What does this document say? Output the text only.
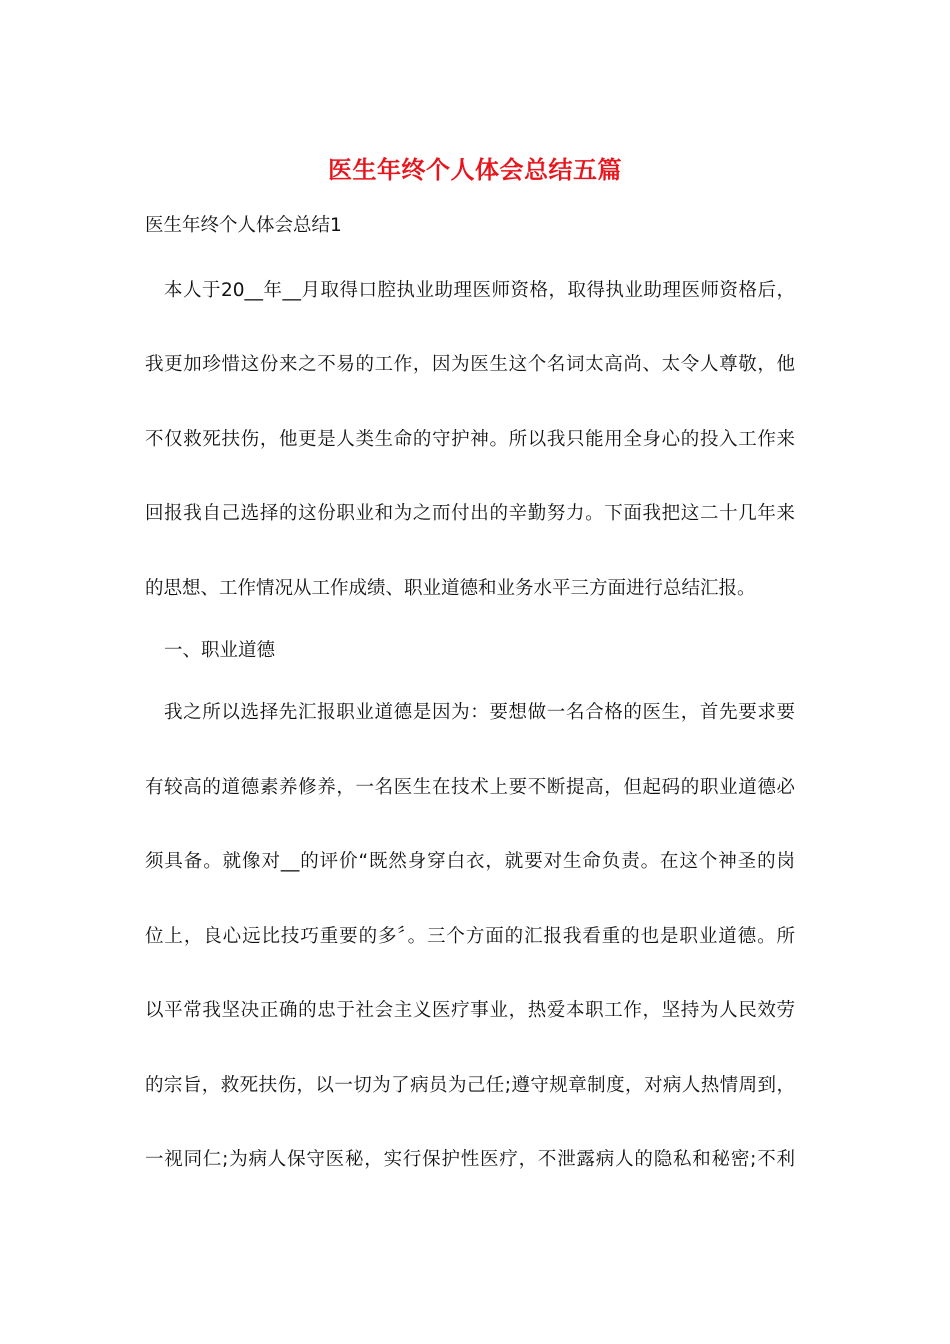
医生年终个人体会总结五篇
医生年终个人体会总结1
本人于20__年__月取得口腔执业助理医师资格，取得执业助理医师资格后，
我更加珍惜这份来之不易的工作，因为医生这个名词太高尚、太令人尊敬，他
不仅救死扶伤，他更是人类生命的守护神。所以我只能用全身心的投入工作来
回报我自己选择的这份职业和为之而付出的辛勤努力。下面我把这二十几年来
的思想、工作情况从工作成绩、职业道德和业务水平三方面进行总结汇报。
一、职业道德
我之所以选择先汇报职业道德是因为：要想做一名合格的医生，首先要求要
有较高的道德素养修养，一名医生在技术上要不断提高，但起码的职业道德必
须具备。就像对__的评价“既然身穿白衣，就要对生命负责。在这个神圣的岗
位上，良心远比技巧重要的多〞。三个方面的汇报我看重的也是职业道德。所
以平常我坚决正确的忠于社会主义医疗事业，热爱本职工作，坚持为人民效劳
的宗旨，救死扶伤，以一切为了病员为己任;遵守规章制度，对病人热情周到，
一视同仁;为病人保守医秘，实行保护性医疗，不泄露病人的隐私和秘密;不利
